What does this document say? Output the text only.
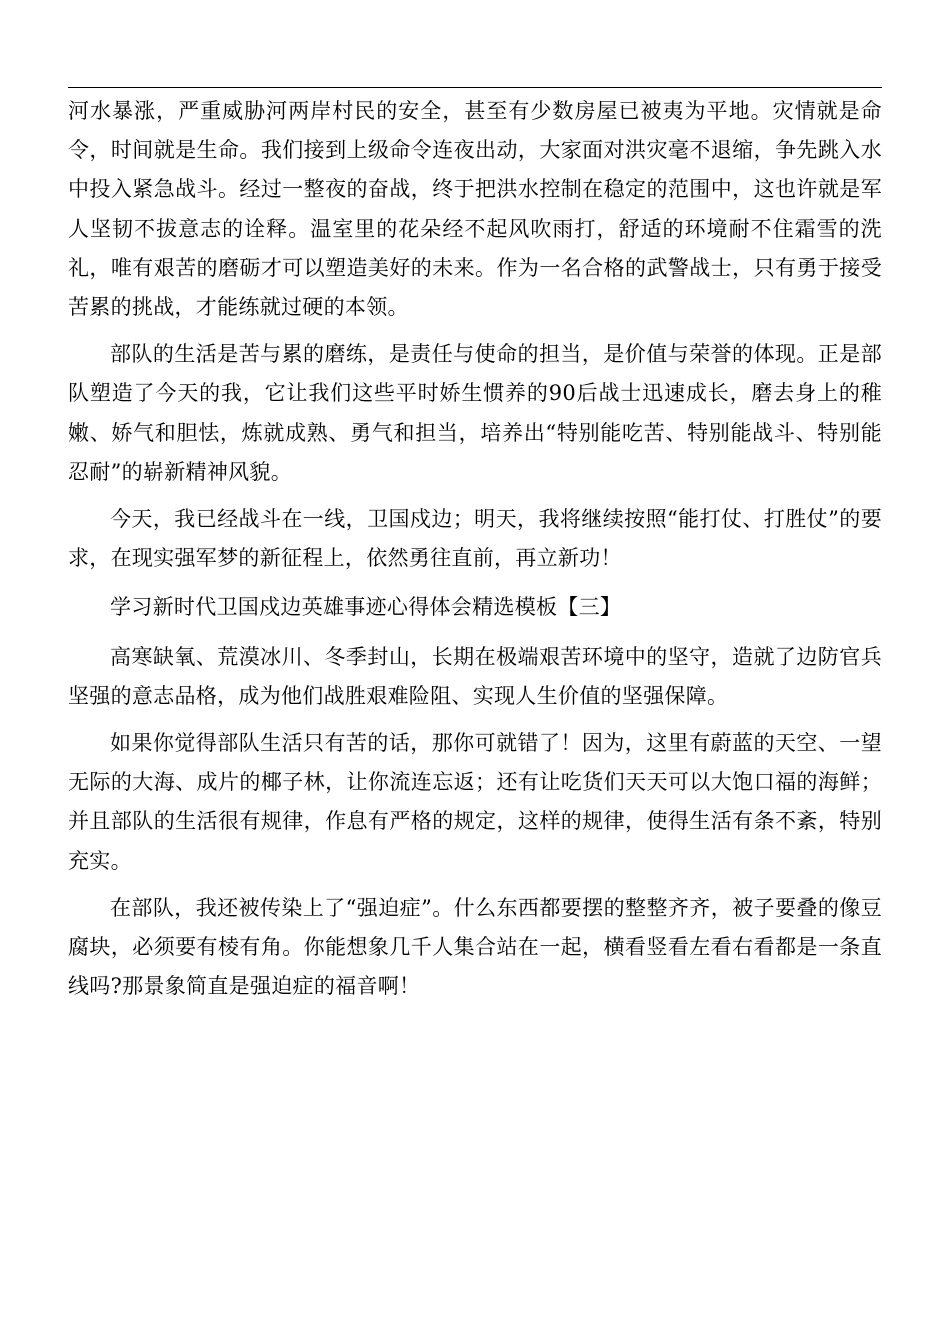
河水暴涨，严重威胁河两岸村民的安全，甚至有少数房屋已被夷为平地。灾情就是命令，时间就是生命。我们接到上级命令连夜出动，大家面对洪灾毫不退缩，争先跳入水中投入紧急战斗。经过一整夜的奋战，终于把洪水控制在稳定的范围中，这也许就是军人坚韧不拔意志的诠释。温室里的花朵经不起风吹雨打，舒适的环境耐不住霜雪的洗礼，唯有艰苦的磨砺才可以塑造美好的未来。作为一名合格的武警战士，只有勇于接受苦累的挑战，才能练就过硬的本领。

部队的生活是苦与累的磨练，是责任与使命的担当，是价值与荣誉的体现。正是部队塑造了今天的我，它让我们这些平时娇生惯养的90后战士迅速成长，磨去身上的稚嫩、娇气和胆怯，炼就成熟、勇气和担当，培养出“特别能吃苦、特别能战斗、特别能忍耐”的崭新精神风貌。

今天，我已经战斗在一线，卫国戍边；明天，我将继续按照“能打仗、打胜仗”的要求，在现实强军梦的新征程上，依然勇往直前，再立新功！

学习新时代卫国戍边英雄事迹心得体会精选模板【三】

高寒缺氧、荒漠冰川、冬季封山，长期在极端艰苦环境中的坚守，造就了边防官兵坚强的意志品格，成为他们战胜艰难险阻、实现人生价值的坚强保障。

如果你觉得部队生活只有苦的话，那你可就错了！因为，这里有蔚蓝的天空、一望无际的大海、成片的椰子林，让你流连忘返；还有让吃货们天天可以大饱口福的海鲜；并且部队的生活很有规律，作息有严格的规定，这样的规律，使得生活有条不紊，特别充实。

在部队，我还被传染上了“强迫症”。什么东西都要摆的整整齐齐，被子要叠的像豆腐块，必须要有棱有角。你能想象几千人集合站在一起，横看竖看左看右看都是一条直线吗?那景象简直是强迫症的福音啊！
